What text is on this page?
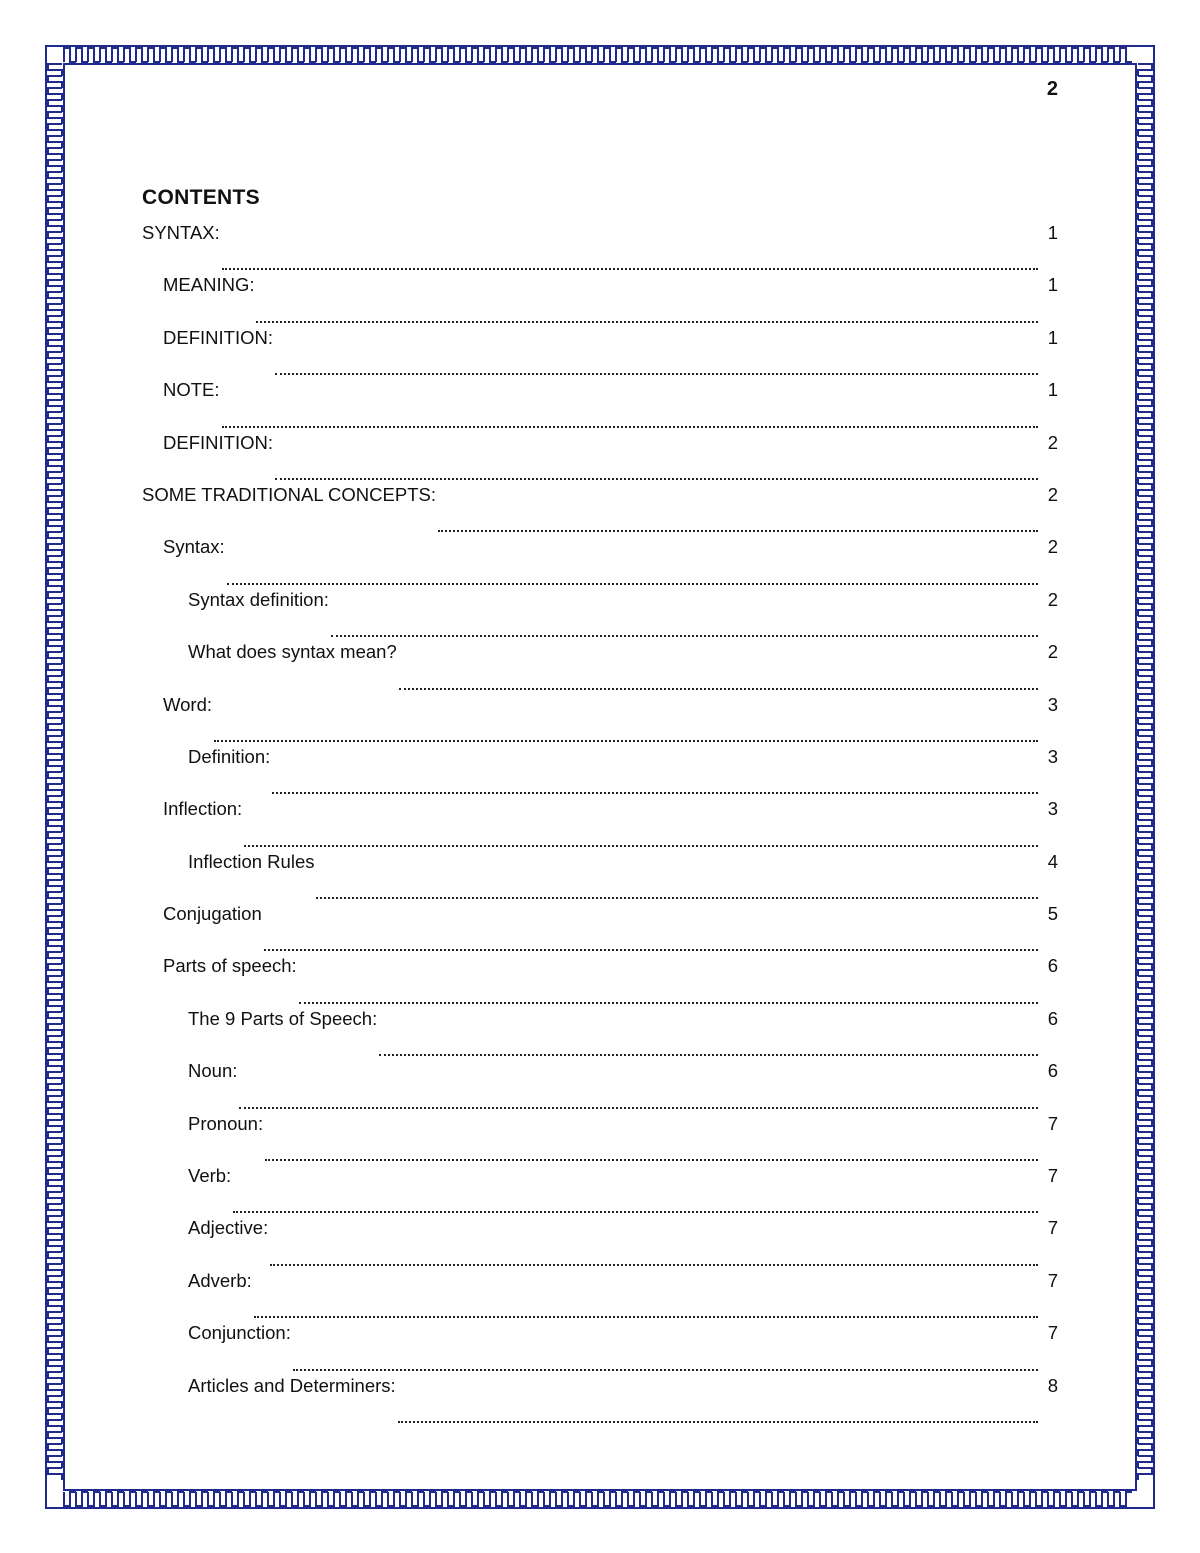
2
CONTENTS
SYNTAX:	1
MEANING:	1
DEFINITION:	1
NOTE:	1
DEFINITION:	2
SOME TRADITIONAL CONCEPTS:	2
Syntax:	2
Syntax definition:	2
What does syntax mean?	2
Word:	3
Definition:	3
Inflection:	3
Inflection Rules	4
Conjugation	5
Parts of speech:	6
The 9 Parts of Speech:	6
Noun:	6
Pronoun:	7
Verb:	7
Adjective:	7
Adverb:	7
Conjunction:	7
Articles and Determiners:	8
